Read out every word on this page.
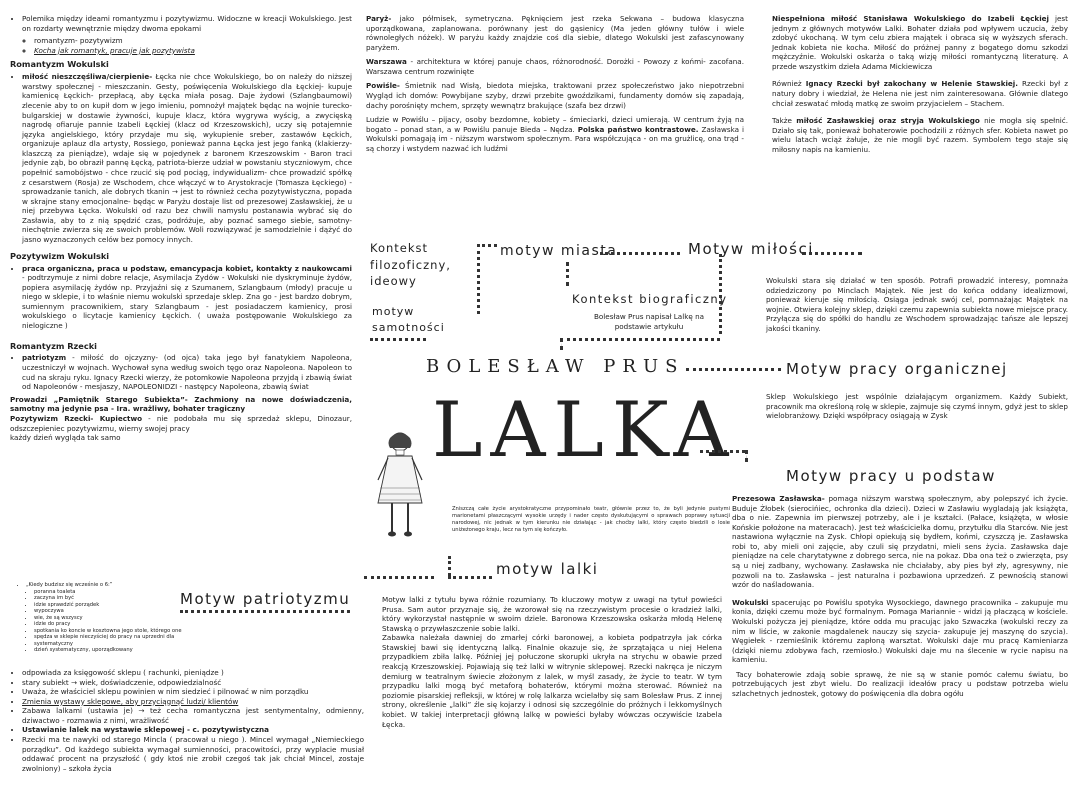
• Polemika między ideami romantyzmu i pozytywizmu. Widoczne w kreacji Wokulskiego. Jest on rozdarty wewnętrznie między dwoma epokami
◦ romantyzm- pozytywizm
◦ Kocha jak romantyk, pracuje jak pozytywista
Romantyzm Wokulski
• miłość nieszczęśliwa/cierpienie- Łęcka nie chce Wokulskiego, bo on należy do niższej warstwy społecznej - mieszczanin. Gesty, poświęcenia Wokulskiego dla Łęckiej- kupuje kamienicę Łęckich- przepłacą, aby Łęcka miała posag. Daje żydowi (Szlangbaumowi) zlecenie aby to on kupił dom w jego imieniu, pomnożył majątek będąc na wojnie turecko- bulgarskiej w dostawie żywności, kupuje klacz, która wygrywa wyścig, a zwycięską nagrodę ofiaruje pannie Izabeli Łęckiej (klacz od Krzeszowskich), uczy się potajemnie języka angielskiego, który przydaje mu się, wykupienie sreber, zastawów Łęckich, organizuje aplauz dla artysty, Rossiego, ponieważ panna Łęcka jest jego fanką (klakierzy- klaszczą za pieniądze), wdaje się w pojedynek z baronem Krzeszowskim - Baron traci jedynie ząb, bo obraził pannę Łęcką, patriota-bierze udział w powstaniu styczniowym, chce popełnić samobójstwo - chce rzucić się pod pociąg, indywidualizm- chce prowadzić spółkę z cesarstwem (Rosja) ze Wschodem, chce włączyć w to Arystokracje (Tomasza Łęckiego) - sprowadzanie tanich, ale dobrych tkanin → jest to również cecha pozytywistyczna, popada w skrajne stany emocjonalne- będąc w Paryżu dostaje list od prezesowej Zasławskiej, że u niej przebywa Łęcka. Wokulski od razu bez chwili namysłu postanawia wybrać się do Zasławia, aby to z nią spędzić czas, podróżuje, aby poznać samego siebie, samotny- niechętnie zwierza się ze swoich problemów. Woli rozwiązywać je samodzielnie i dążyć do jasno wyznaczonych celów bez pomocy innych.
Pozytywizm Wokulski
• praca organiczna, praca u podstaw, emancypacja kobiet, kontakty z naukowcami - podtrzymuje z nimi dobre relacje, Asymilacja Żydów - Wokulski nie dyskryminuje żydów, popiera asymilację żydów np. Przyjaźni się z Szumanem, Szlangbaum (młody) pracuje u niego w sklepie, i to właśnie niemu wokulski sprzedaje sklep. Zna go - jest bardzo dobrym, sumiennym pracownikiem, stary Szlangbaum - jest posiadaczem kamienicy, prosi wokulskiego o licytacje kamienicy Łęckich. ( uważa postępowanie Wokulskiego za nielogiczne )
Romantyzm Rzecki
• patriotyzm - miłość do ojczyzny- (od ojca) taka jego był fanatykiem Napoleona, uczestniczył w wojnach. Wychował syna według swoich tęgo oraz Napoleona. Napoleon to cud na skraju ryku. Ignacy Rzecki wierzy, że potomkowie Napoleona przyjdą i zbawią świat od Napoleonów - mesjaszy, NAPOLEONIDZI - następcy Napoleona, zbawią świat
Prowadzi „Pamiętnik Starego Subiekta”- Zachmiony na nowe doświadczenia, samotny ma jedynie psa - Ira. wrażliwy, bohater tragiczny
Pozytywizm Rzecki- Kupiectwo - nie podobała mu się sprzedaż sklepu, Dinozaur, odszczepieniec pozytywizmu, wierny swojej pracy
każdy dzień wygląda tak samo
• „Kiedy budzisz się wcześnie o 6:”
• poranna toaleta
• zaczyna im być
• idzie sprawdzić porządek
• wypoczywa
• wie, że są wszyscy
• idzie do pracy
• spotkania ko koncie w kosztowna jego stole, którego one
• spędza w sklepie nieczyściej do pracy na uprzedni dla
• systematyczny
• dzień systematyczny, uporządkowany
Motyw patriotyzmu
• odpowiada za księgowość sklepu ( rachunki, pieniądze )
• stary subiekt → wiek, doświadczenie, odpowiedzialność
• Uważa, że właściciel sklepu powinien w nim siedzieć i pilnować w nim porządku
• Zmienia wystawy sklepowe, aby przyciągnąć ludzi/ klientów
• Zabawa lalkami (ustawia je) → też cecha romantyczna jest sentymentalny, odmienny, dziwactwo - rozmawia z nimi, wrażliwość
• Ustawianie lalek na wystawie sklepowej - c. pozytywistyczna
• Rzecki ma te nawyki od starego Mincla ( pracował u niego ). Mincel wymagał „Niemieckiego porządku”. Od każdego subiekta wymagał sumienności, pracowitości, przy wyplacie musiał oddawać procent na przyszłość ( gdy ktoś nie zrobił czegoś tak jak chciał Mincel, zostaje zwolniony) – szkoła życia

Paryż- jako półmisek, symetryczna. Pęknięciem jest rzeka Sekwana – budowa klasyczna uporządkowana, zaplanowana. porównany jest do gąsienicy (Ma jeden główny tułów i wiele równoległych nóżek). W paryżu każdy znajdzie coś dla siebie, dlatego Wokulski jest zafascynowany paryżem.

Warszawa - architektura w której panuje chaos, różnorodność. Dorożki - Powozy z końmi- zacofana. Warszawa centrum rozwinięte

Powiśle- Śmietnik nad Wisłą, biedota miejska, traktowani przez społeczeństwo jako niepotrzebni Wygląd ich domów: Powybijane szyby, drzwi przebite gwoździkami, fundamenty domów się zapadają, dachy porośnięty mchem, sprzęty wewnątrz brakujące (szafa bez drzwi)

Ludzie w Powiślu – pijacy, osoby bezdomne, kobiety – śmieciarki, dzieci umierają. W centrum żyją na bogato – ponad stan, a w Powiślu panuje Bieda – Nędza. Polska państwo kontrastowe. Zasławska i Wokulski pomagają im - niższym warstwom społecznym. Para współczująca - on ma grużlicę, ona trąd - są chorzy i wstydem nazwać ich ludźmi

Kontekst filozoficzny, ideowy
motyw miasta
motyw samotności
Kontekst biograficzny
Bolesław Prus napisał Lalkę na podstawie artykułu
BOLESŁAW PRUS
LALKA
Zniszczą całe życie arystokratyczne przypominało teatr, głównie przez to, że byli jedynie pustymi marionetami płaszczącymi wysokie urzędy i nader często dyskutującymi o sprawach poprawy sytuacji narodowej, nic jednak w tym kierunku nie działając - jak choćby lalki, który często biedzili o losie uniżeżonego kraju, lecz na tym się kończyło.
motyw lalki

Motyw lalki z tytułu bywa różnie rozumiany. To kluczowy motyw z uwagi na tytuł powieści Prusa. Sam autor przyznaje się, że wzorował się na rzeczywistym procesie o kradzież lalki, który wykorzystał następnie w swoim dziele. Baronowa Krzeszowska oskarża młodą Helenę Stawską o przywłaszczenie sobie lalki.

Zabawka należała dawniej do zmarłej córki baronowej, a kobieta podpatrzyła jak córka Stawskiej bawi się identyczną lalką. Finalnie okazuje się, że sprzątająca u niej Helena przypadkiem zbiła lalkę. Później jej połuczone skorupki ukryła na strychu w obawie przed reakcją Krzeszowskiej. Pojawiają się też lalki w witrynie sklepowej. Rzecki nakręca je niczym demiurg w teatralnym świecie złożonym z lalek, w myśl zasady, że życie to teatr. W tym przypadku lalki mogą być metaforą bohaterów, którymi można sterować. Również na poziomie pisarskiej refleksji, w której w rolę lalkarza wcielałby się sam Bolesław Prus. Z innej strony, określenie „lalki” źle się kojarzy i odnosi się szczególnie do próżnych i lekkomyślnych kobiet. W takiej interpretacji główną lalkę w powieści byłaby wówczas oczywiście Izabela Łęcka.

Niespełniona miłość Stanisława Wokulskiego do Izabeli Łęckiej jest jednym z głównych motywów Lalki. Bohater działa pod wpływem uczucia, żeby zdobyć ukochaną. W tym celu zbiera majątek i obraca się w wyższych sferach. Jednak kobieta nie kocha. Miłość do próżnej panny z bogatego domu szkodzi mężczyźnie. Wokulski oskarża o taką wizję miłości romantyczną literaturę. A przede wszystkim dzieła Adama Mickiewicza

Również Ignacy Rzecki był zakochany w Helenie Stawskiej. Rzecki był z natury dobry i wiedział, że Helena nie jest nim zainteresowana. Głównie dlatego chciał zeswatać młodą matkę ze swoim przyjacielem – Stachem.

Także miłość Zasławskiej oraz stryja Wokulskiego nie mogła się spełnić. Działo się tak, ponieważ bohaterowie pochodzili z różnych sfer. Kobieta nawet po wielu latach wciąż żałuje, że nie mogli być razem. Symbolem tego staje się miłosny napis na kamieniu.

Motyw miłości
Wokulski stara się działać w ten sposób. Potrafi prowadzić interesy, pomnaża odziedziczony po Minclach Majątek. Nie jest do końca oddany idealizmowi, ponieważ kieruje się miłością. Osiąga jednak swój cel, pomnażając Majątek na wojnie. Otwiera kolejny sklep, dzięki czemu zapewnia subiekta nowe miejsce pracy. Przyłącza się do spółki do handlu ze Wschodem sprowadzając tańsze ale lepszej jakości tkaniny.
Motyw pracy organicznej
Sklep Wokulskiego jest wspólnie działającym organizmem. Każdy Subiekt, pracownik ma określoną rolę w sklepie, zajmuje się czymś innym, gdyż jest to sklep wielobranżowy. Dzięki współpracy osiągają w Zysk
Motyw pracy u podstaw

Prezesowa Zasławska- pomaga niższym warstwą społecznym, aby polepszyć ich życie. Buduje Żłobek (sierocińiec, ochronka dla dzieci). Dzieci w Zasławiu wygladają jak książęta, dba o nie. Zapewnia im pierwszej potrzeby, ale i je kształci. (Pałace, książęta, w włosie Końskie położone na materacach). Jest też właścicielka domu, przytułku dla Starców. Nie jest nastawiona wyłącznie na Zysk. Chłopi opiekują się bydłem, końmi, czyszczą je. Zasławska robi to, aby mieli oni zajęcie, aby czuli się przydatni, mieli sens życia. Zasławska daje pieniądze na cele charytatywne z dobrego serca, nie na pokaz. Dba ona też o zwierzęta, psy są u niej zadbany, wychowany. Zasławska nie chciałaby, aby pies był zły, agresywny, nie pozwoli na to. Zasławska – jest naturalna i pozbawiona uprzedzeń. Z pewnością stanowi wzór do naśladowania.

Wokulski spacerując po Powiślu spotyka Wysockiego, dawnego pracownika – zakupuje mu konia, dzięki czemu może być formalnym. Pomaga Mariannie - widzi ją płaczącą w kościele. Wokulski pożycza jej pieniądze, które odda mu pracując jako Szwaczka (wokulski reczy za nim w liście, w zakonie magdalenek nauczy się szycia- zakupuje jej maszynę do szycia). Węgiełek - rzemieślnik któremu zapłoną warsztat. Wokulski daje mu pracę Kamieniarza (dzięki niemu zdobywa fach, rzemiosło.) Wokulski daje mu na ślecenie w rycie napisu na kamieniu.

Tacy bohaterowie zdają sobie sprawę, że nie są w stanie pomóc całemu światu, bo potrzebujących jest zbyt wielu. Do realizacji ideałów pracy u podstaw potrzeba wielu szlachetnych jednostek, gotowy do poświęcenia dla dobra ogółu
